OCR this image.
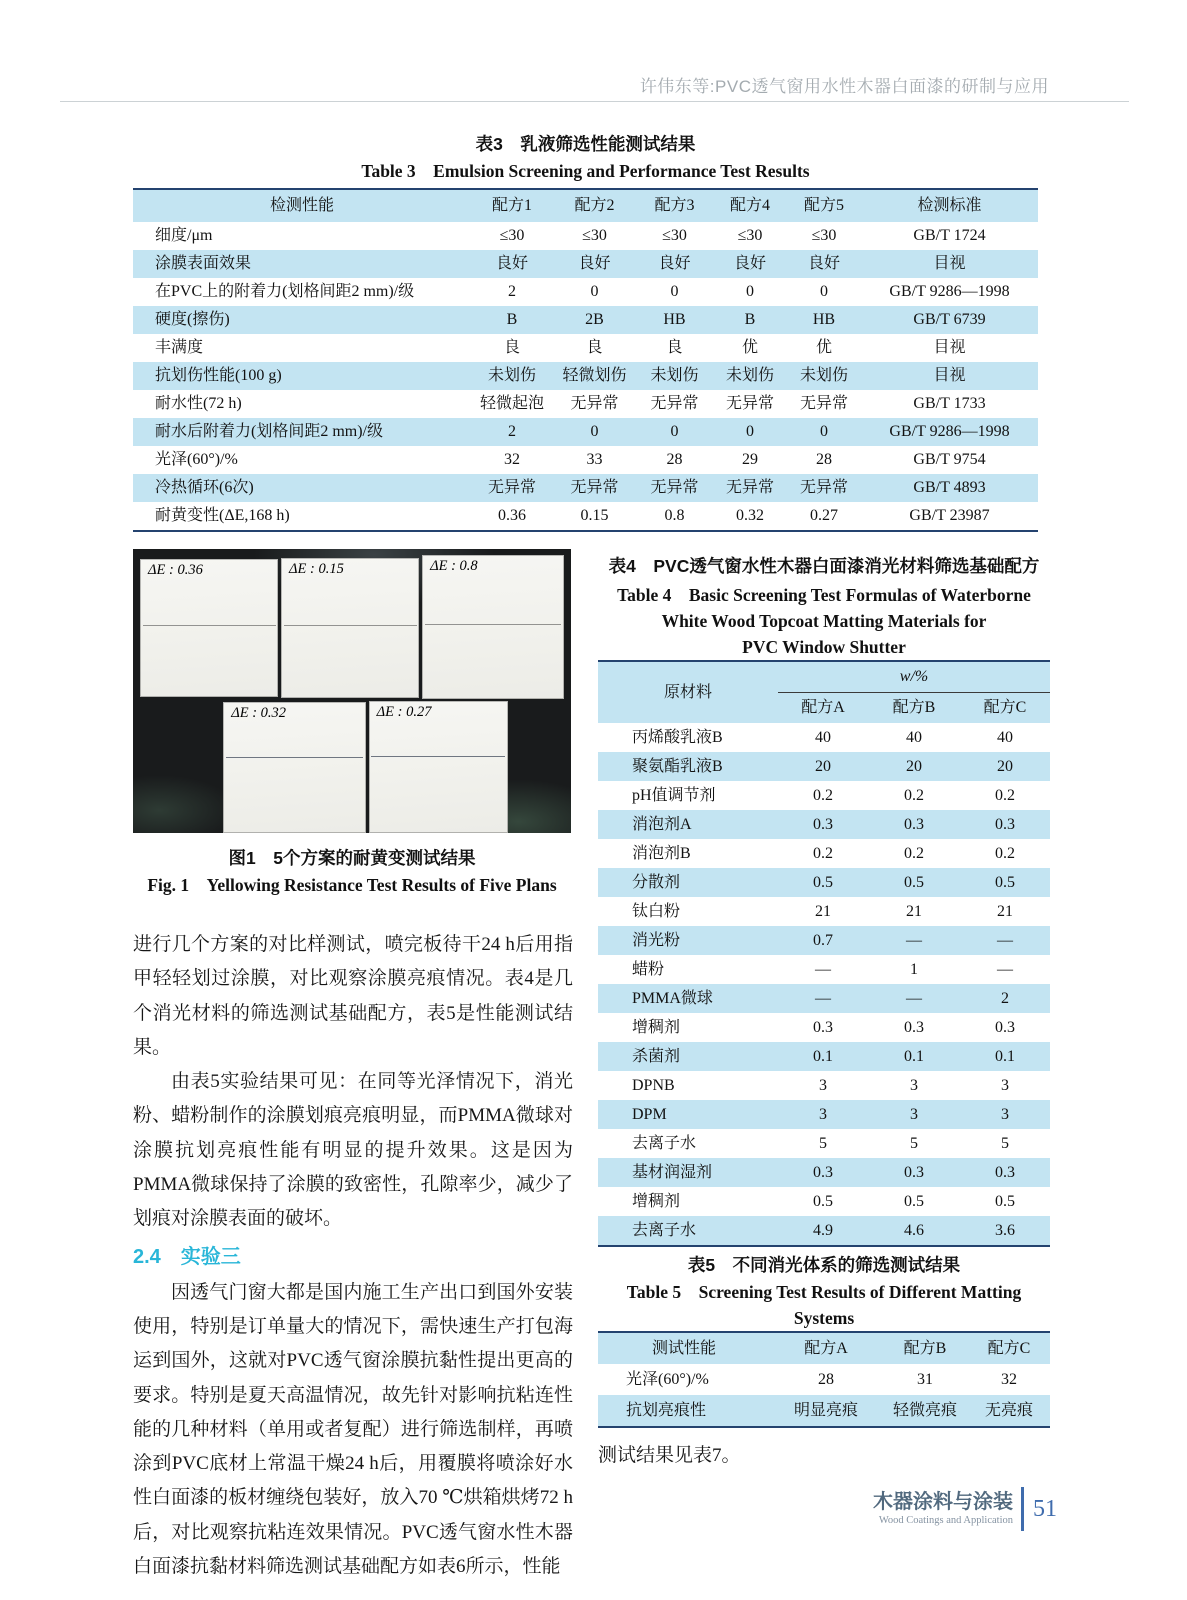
许伟东等:PVC透气窗用水性木器白面漆的研制与应用
表3　乳液筛选性能测试结果
Table 3　Emulsion Screening and Performance Test Results
检测性能	配方1	配方2	配方3	配方4	配方5	检测标准
细度/μm	≤30	≤30	≤30	≤30	≤30	GB/T 1724
涂膜表面效果	良好	良好	良好	良好	良好	目视
在PVC上的附着力(划格间距2 mm)/级	2	0	0	0	0	GB/T 9286—1998
硬度(擦伤)	B	2B	HB	B	HB	GB/T 6739
丰满度	良	良	良	优	优	目视
抗划伤性能(100 g)	未划伤	轻微划伤	未划伤	未划伤	未划伤	目视
耐水性(72 h)	轻微起泡	无异常	无异常	无异常	无异常	GB/T 1733
耐水后附着力(划格间距2 mm)/级	2	0	0	0	0	GB/T 9286—1998
光泽(60°)/%	32	33	28	29	28	GB/T 9754
冷热循环(6次)	无异常	无异常	无异常	无异常	无异常	GB/T 4893
耐黄变性(ΔE,168 h)	0.36	0.15	0.8	0.32	0.27	GB/T 23987
ΔE : 0.36	ΔE : 0.15	ΔE : 0.8
ΔE : 0.32	ΔE : 0.27
图1　5个方案的耐黄变测试结果
Fig. 1　Yellowing Resistance Test Results of Five Plans

进行几个方案的对比样测试，喷完板待干24 h后用指甲轻轻划过涂膜，对比观察涂膜亮痕情况。表4是几个消光材料的筛选测试基础配方，表5是性能测试结果。

由表5实验结果可见：在同等光泽情况下，消光粉、蜡粉制作的涂膜划痕亮痕明显，而PMMA微球对涂膜抗划亮痕性能有明显的提升效果。这是因为PMMA微球保持了涂膜的致密性，孔隙率少，减少了划痕对涂膜表面的破坏。

2.4　实验三

因透气门窗大都是国内施工生产出口到国外安装使用，特别是订单量大的情况下，需快速生产打包海运到国外，这就对PVC透气窗涂膜抗黏性提出更高的要求。特别是夏天高温情况，故先针对影响抗粘连性能的几种材料（单用或者复配）进行筛选制样，再喷涂到PVC底材上常温干燥24 h后，用覆膜将喷涂好水性白面漆的板材缠绕包装好，放入70 ℃烘箱烘烤72 h后，对比观察抗粘连效果情况。PVC透气窗水性木器白面漆抗黏材料筛选测试基础配方如表6所示，性能

表4　PVC透气窗水性木器白面漆消光材料筛选基础配方
Table 4　Basic Screening Test Formulas of Waterborne
White Wood Topcoat Matting Materials for
PVC Window Shutter
原材料	w/%		
	配方A	配方B	配方C
丙烯酸乳液B	40	40	40
聚氨酯乳液B	20	20	20
pH值调节剂	0.2	0.2	0.2
消泡剂A	0.3	0.3	0.3
消泡剂B	0.2	0.2	0.2
分散剂	0.5	0.5	0.5
钛白粉	21	21	21
消光粉	0.7	—	—
蜡粉	—	1	—
PMMA微球	—	—	2
增稠剂	0.3	0.3	0.3
杀菌剂	0.1	0.1	0.1
DPNB	3	3	3
DPM	3	3	3
去离子水	5	5	5
基材润湿剂	0.3	0.3	0.3
增稠剂	0.5	0.5	0.5
去离子水	4.9	4.6	3.6
表5　不同消光体系的筛选测试结果
Table 5　Screening Test Results of Different Matting
Systems
测试性能	配方A	配方B	配方C
光泽(60°)/%	28	31	32
抗划亮痕性	明显亮痕	轻微亮痕	无亮痕
测试结果见表7。
木器涂料与涂装
Wood Coatings and Application 51
